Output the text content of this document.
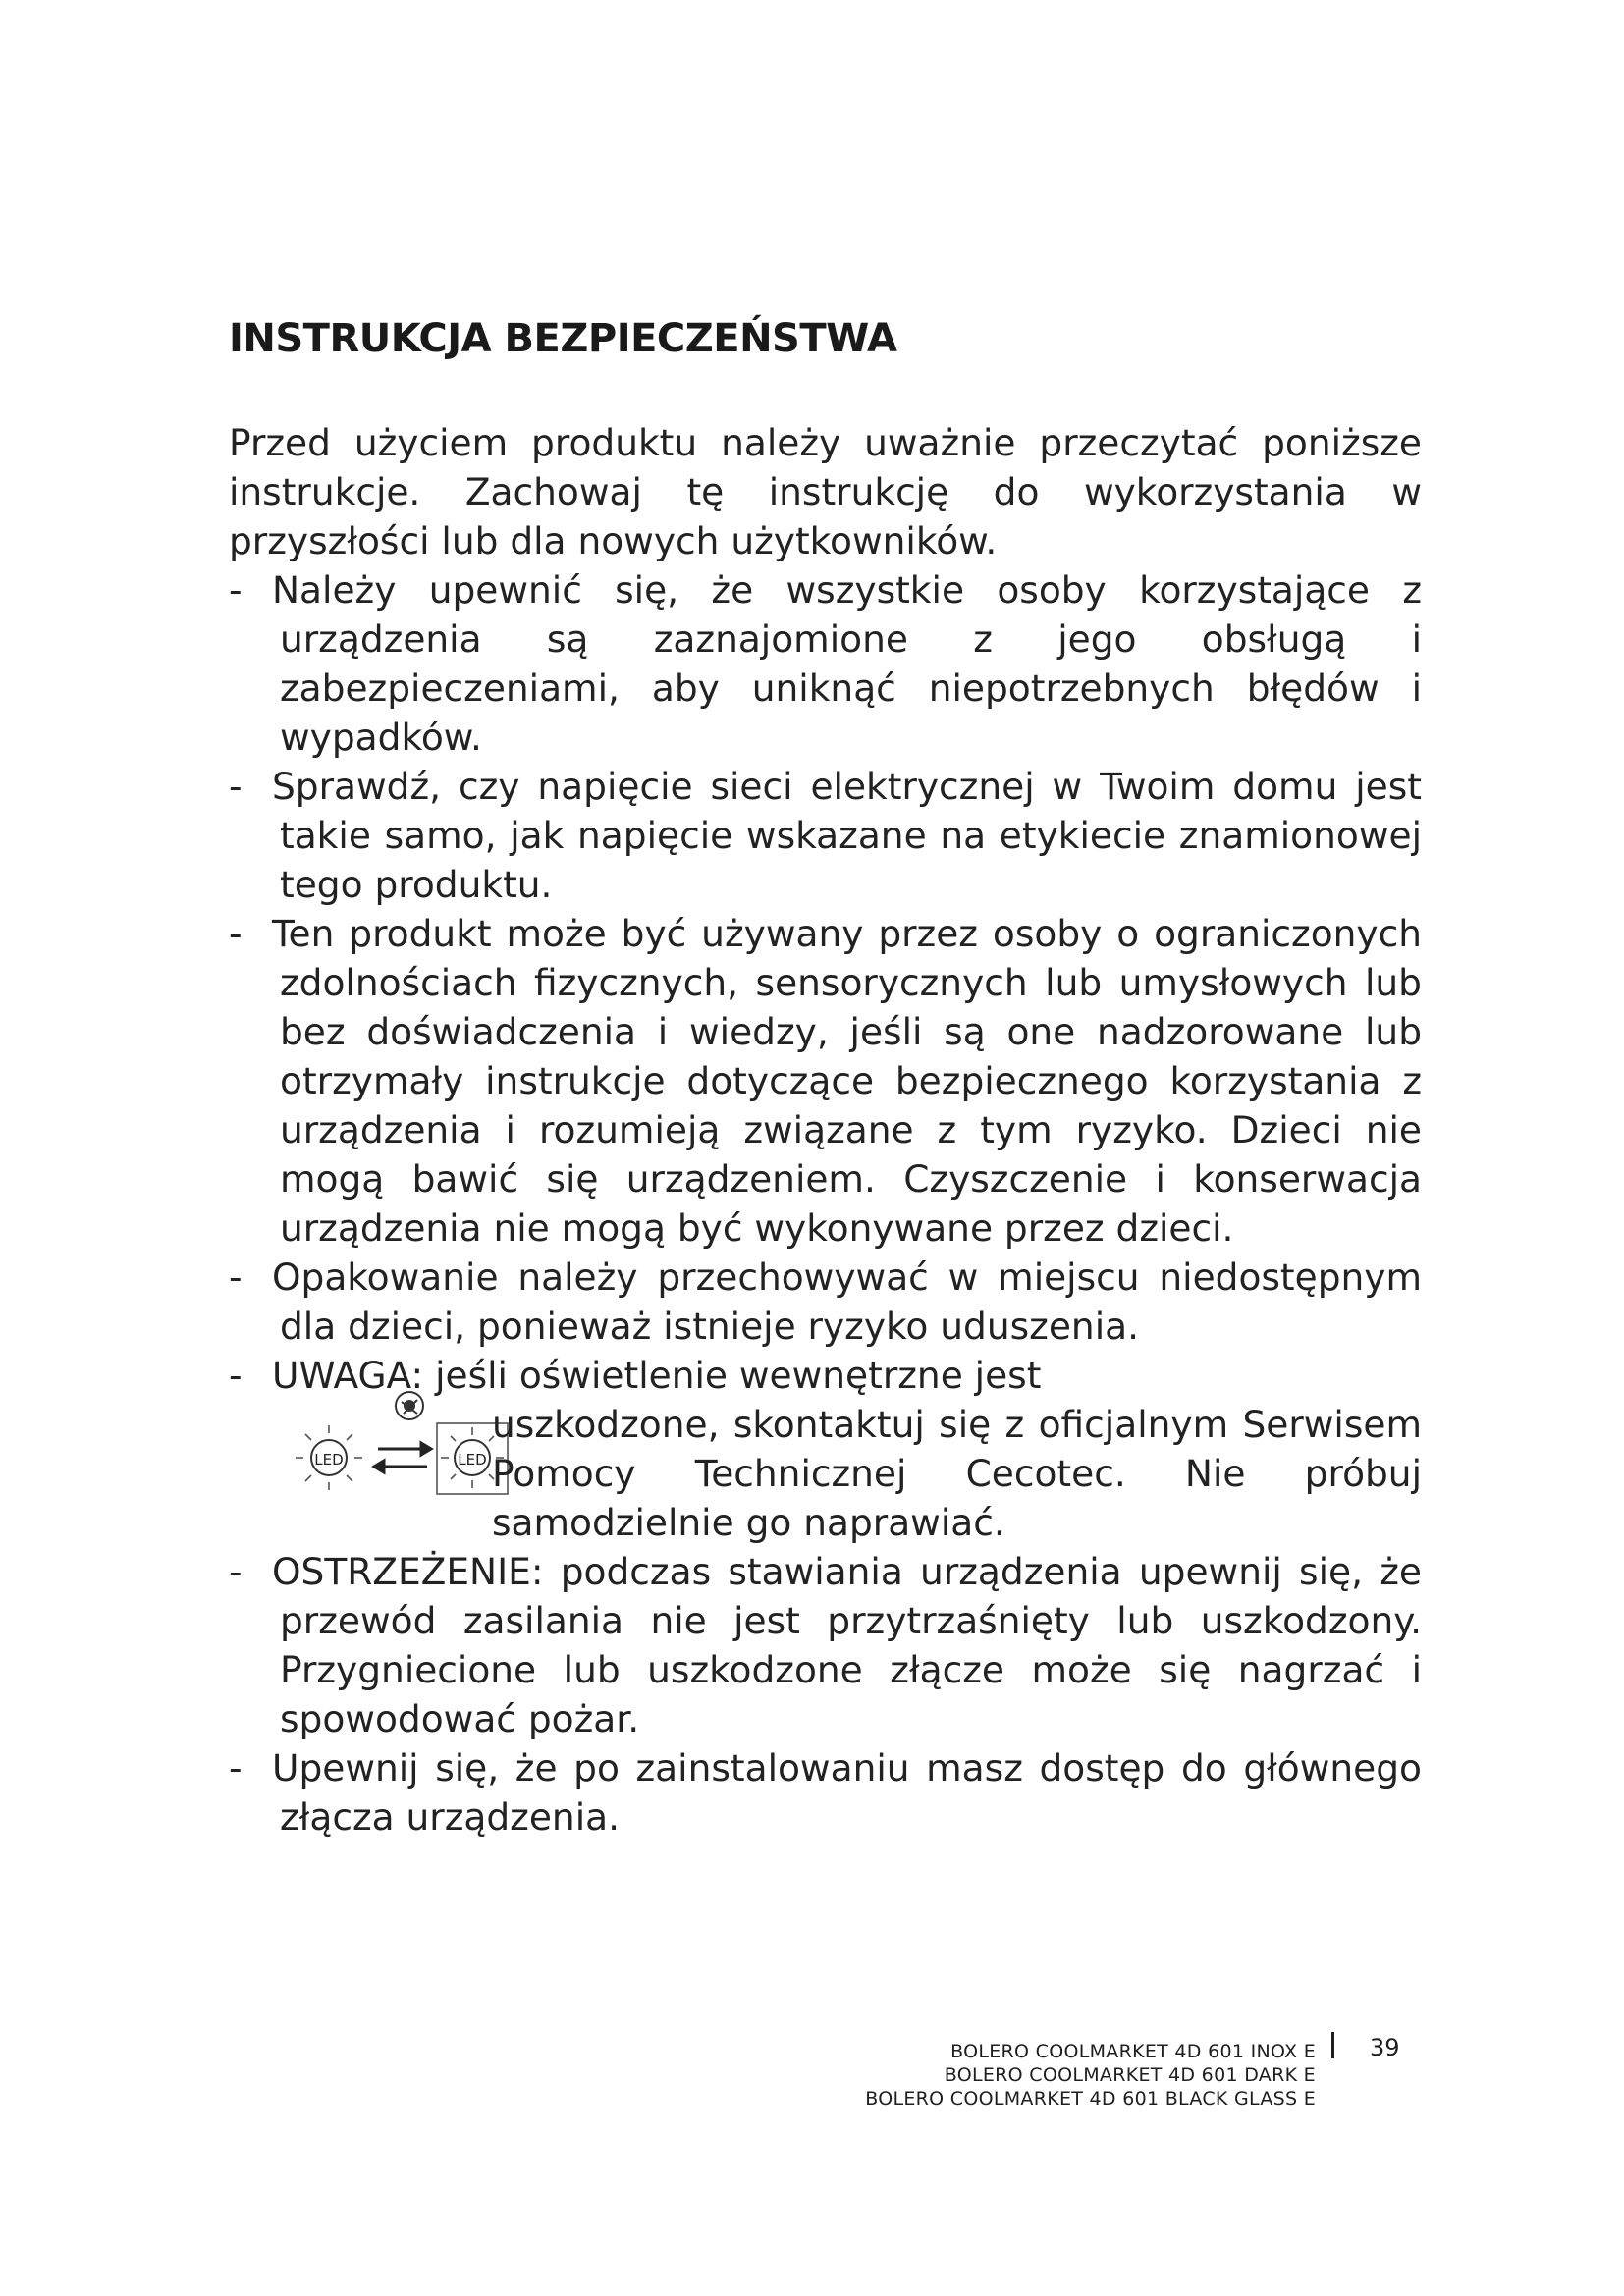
INSTRUKCJA BEZPIECZEŃSTWA

Przed użyciem produktu należy uważnie przeczytać poniższe instrukcje. Zachowaj tę instrukcję do wykorzystania w przyszłości lub dla nowych użytkowników.

- Należy upewnić się, że wszystkie osoby korzystające z urządzenia są zaznajomione z jego obsługą i zabezpieczeniami, aby uniknąć niepotrzebnych błędów i wypadków.
- Sprawdź, czy napięcie sieci elektrycznej w Twoim domu jest takie samo, jak napięcie wskazane na etykiecie znamionowej tego produktu.
- Ten produkt może być używany przez osoby o ograniczonych zdolnościach fizycznych, sensorycznych lub umysłowych lub bez doświadczenia i wiedzy, jeśli są one nadzorowane lub otrzymały instrukcje dotyczące bezpiecznego korzystania z urządzenia i rozumieją związane z tym ryzyko. Dzieci nie mogą bawić się urządzeniem. Czyszczenie i konserwacja urządzenia nie mogą być wykonywane przez dzieci.
- Opakowanie należy przechowywać w miejscu niedostępnym dla dzieci, ponieważ istnieje ryzyko uduszenia.
- UWAGA: jeśli oświetlenie wewnętrzne jest
LED	LED
uszkodzone, skontaktuj się z oficjalnym Serwisem Pomocy Technicznej Cecotec. Nie próbuj samodzielnie go naprawiać.
- OSTRZEŻENIE: podczas stawiania urządzenia upewnij się, że przewód zasilania nie jest przytrzaśnięty lub uszkodzony. Przygniecione lub uszkodzone złącze może się nagrzać i spowodować pożar.
- Upewnij się, że po zainstalowaniu masz dostęp do głównego złącza urządzenia.
BOLERO COOLMARKET 4D 601 INOX E
BOLERO COOLMARKET 4D 601 DARK E
BOLERO COOLMARKET 4D 601 BLACK GLASS E
39
